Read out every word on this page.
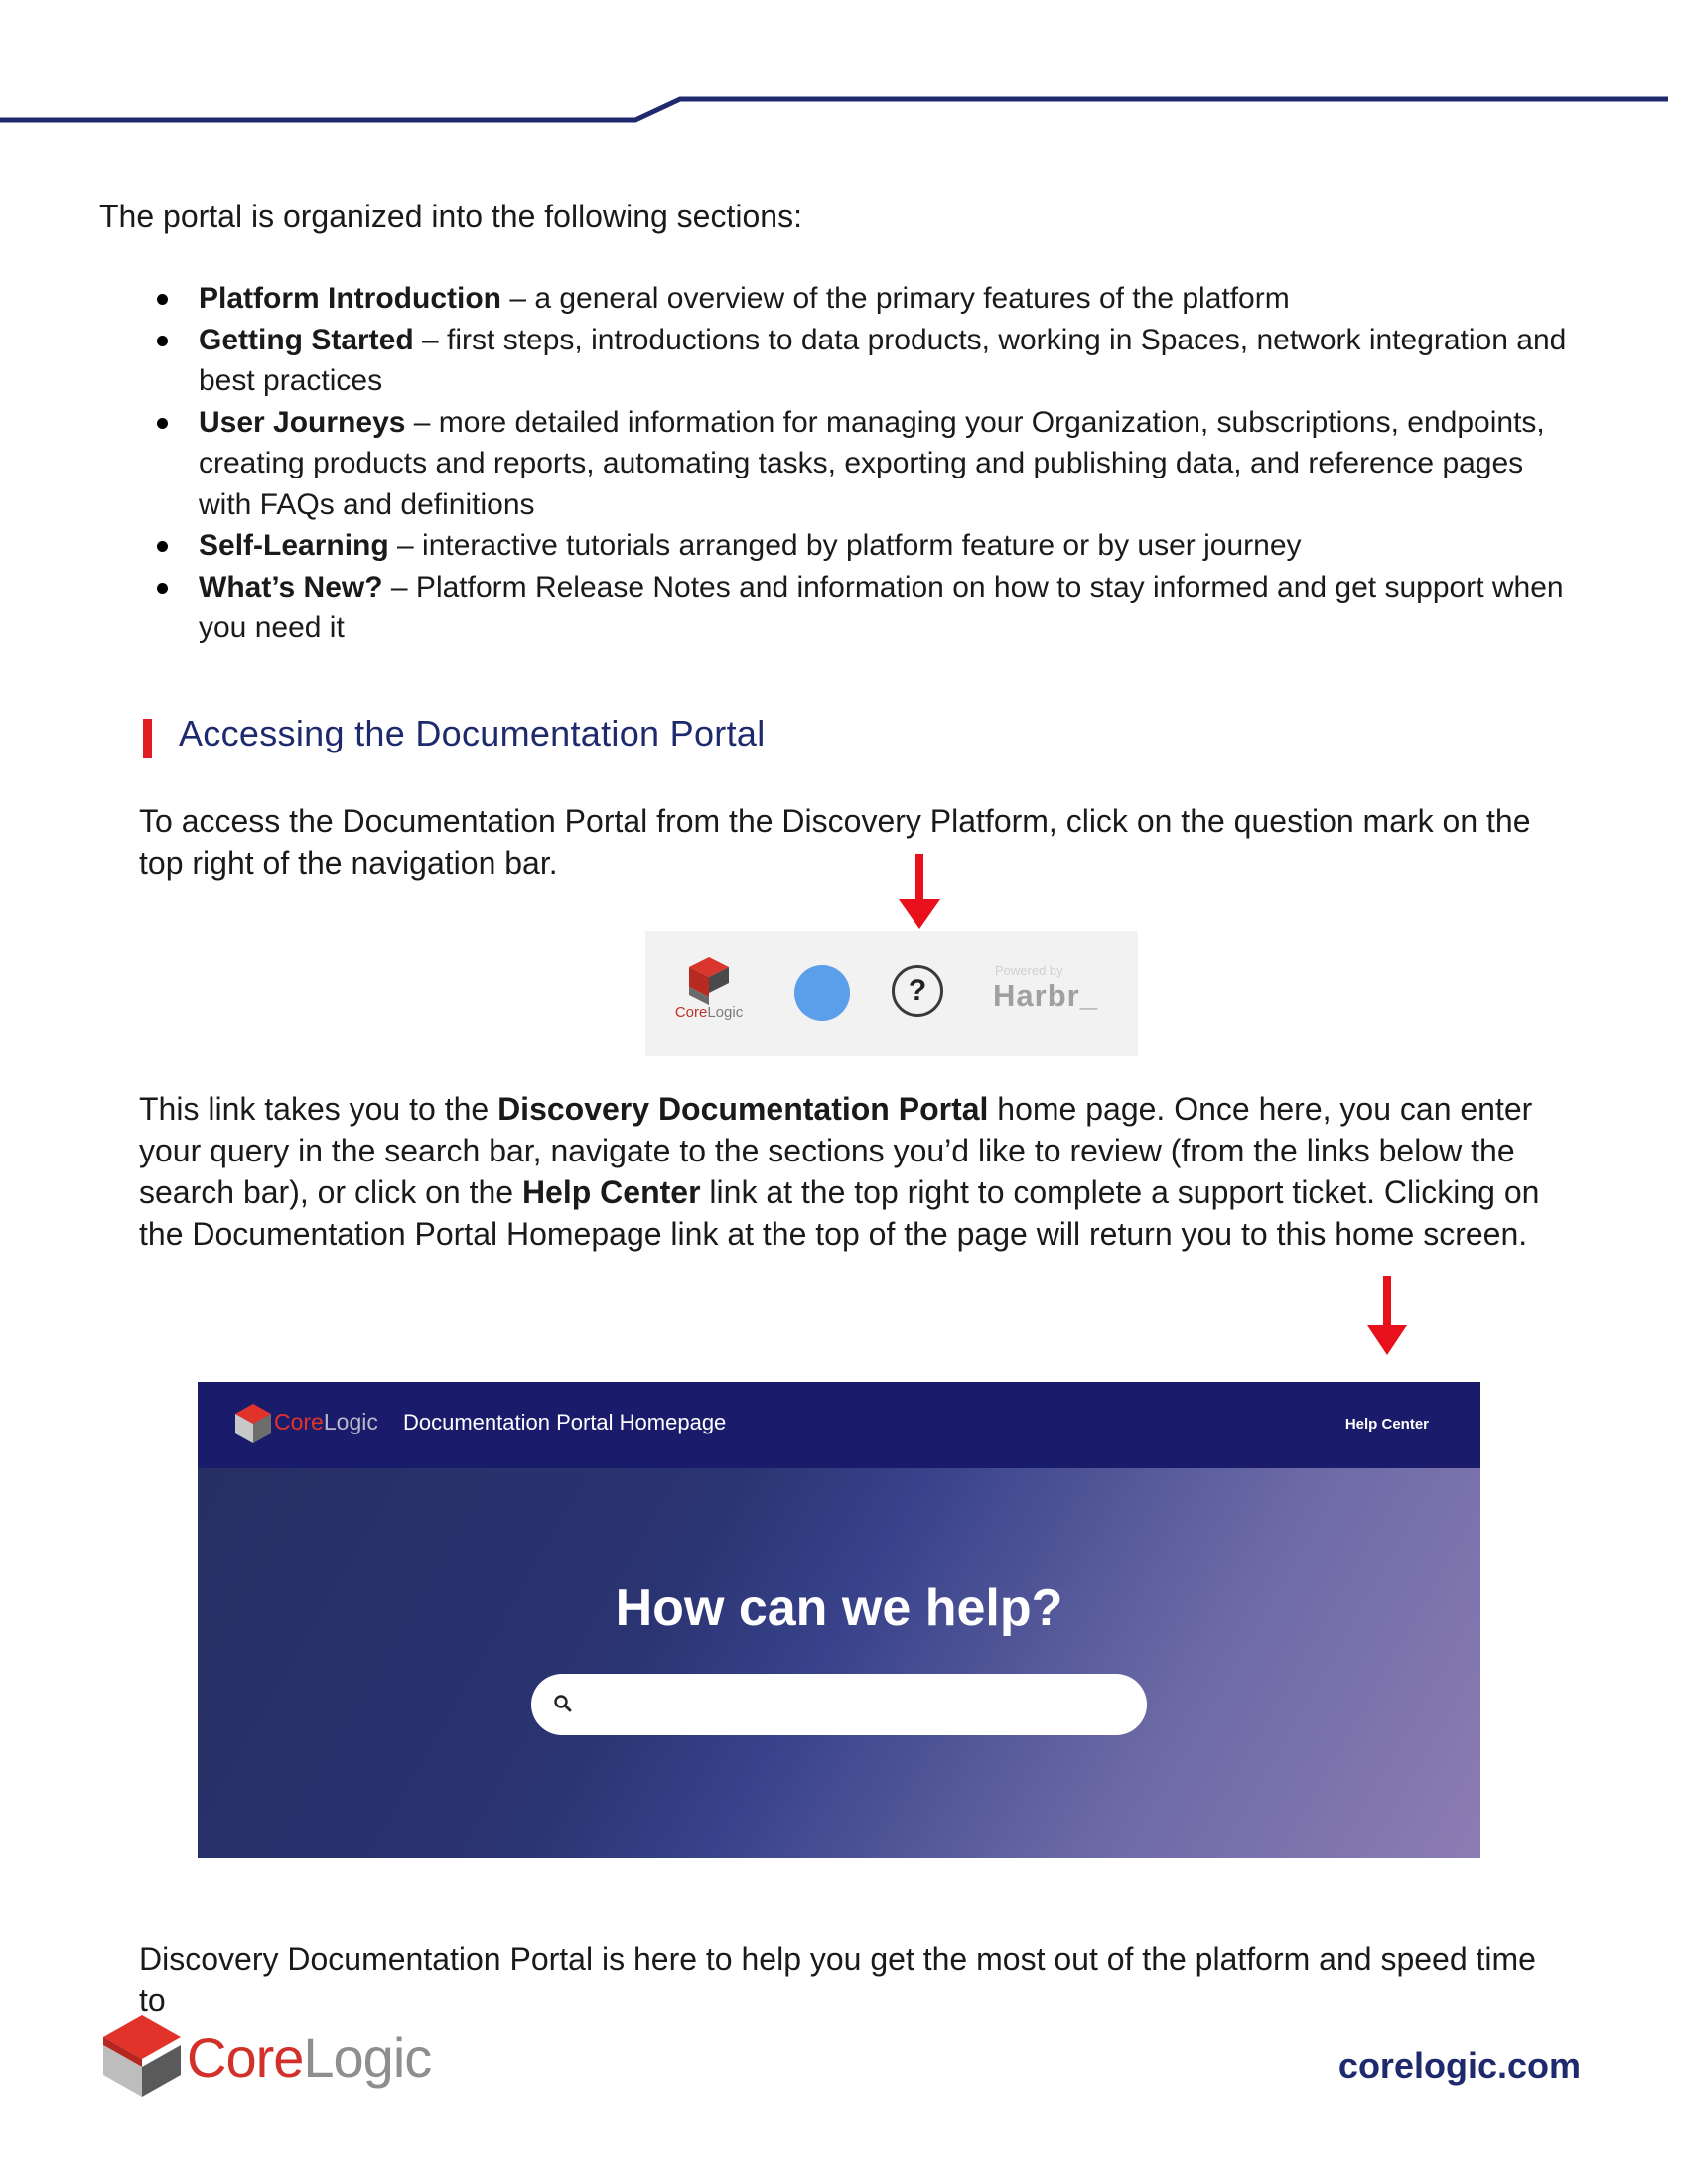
The portal is organized into the following sections:

Platform Introduction – a general overview of the primary features of the platform
Getting Started – first steps, introductions to data products, working in Spaces, network integration and best practices
User Journeys – more detailed information for managing your Organization, subscriptions, endpoints, creating products and reports, automating tasks, exporting and publishing data, and reference pages with FAQs and definitions
Self-Learning – interactive tutorials arranged by platform feature or by user journey
What’s New? – Platform Release Notes and information on how to stay informed and get support when you need it
Accessing the Documentation Portal

To access the Documentation Portal from the Discovery Platform, click on the question mark on the top right of the navigation bar.

CoreLogic
?
Powered by
Harbr_

This link takes you to the Discovery Documentation Portal home page. Once here, you can enter your query in the search bar, navigate to the sections you’d like to review (from the links below the search bar), or click on the Help Center link at the top right to complete a support ticket. Clicking on the Documentation Portal Homepage link at the top of the page will return you to this home screen.

CoreLogic Documentation Portal Homepage	Help Center
How can we help?

Discovery Documentation Portal is here to help you get the most out of the platform and speed time to

CoreLogic	corelogic.com
